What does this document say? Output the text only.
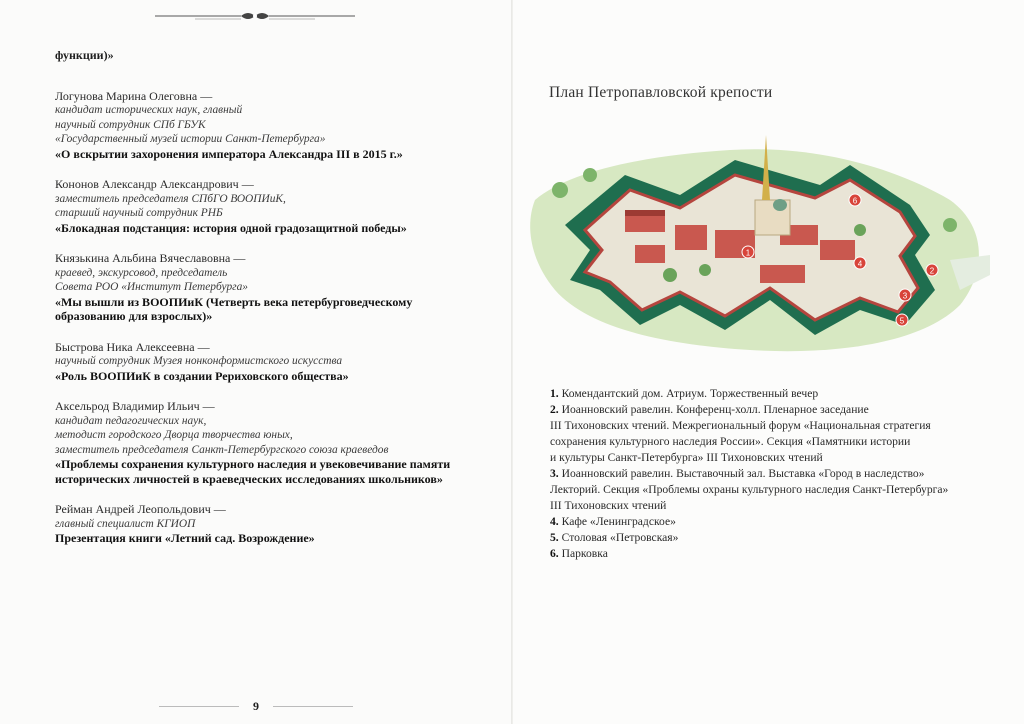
функции)»
Логунова Марина Олеговна —
кандидат исторических наук, главный
научный сотрудник СПб ГБУК
«Государственный музей истории Санкт-Петербурга»
«О вскрытии захоронения императора Александра III в 2015 г.»
Кононов Александр Александрович —
заместитель председателя СПбГО ВООПИиК,
старший научный сотрудник РНБ
«Блокадная подстанция: история одной градозащитной победы»
Князькина Альбина Вячеславовна —
краевед, экскурсовод, председатель
Совета РОО «Институт Петербурга»
«Мы вышли из ВООПИиК (Четверть века петербурговедческому
образованию для взрослых)»
Быстрова Ника Алексеевна —
научный сотрудник Музея нонконформистского искусства
«Роль ВООПИиК в создании Рериховского общества»
Аксельрод Владимир Ильич —
кандидат педагогических наук,
методист городского Дворца творчества юных,
заместитель председателя Санкт-Петербургского союза краеведов
«Проблемы сохранения культурного наследия и увековечивание памяти
исторических личностей в краеведческих исследованиях школьников»
Рейман Андрей Леопольдович —
главный специалист КГИОП
Презентация книги «Летний сад. Возрождение»
9
План Петропавловской крепости
1
2
3
4
5
6
1. Комендантский дом. Атриум. Торжественный вечер
2. Иоанновский равелин. Конференц-холл. Пленарное заседание
III Тихоновских чтений. Межрегиональный форум «Национальная стратегия
сохранения культурного наследия России». Секция «Памятники истории
и культуры Санкт-Петербурга» III Тихоновских чтений
3. Иоанновский равелин. Выставочный зал. Выставка «Город в наследство»
Лекторий. Секция «Проблемы охраны культурного наследия Санкт-Петербурга»
III Тихоновских чтений
4. Кафе «Ленинградское»
5. Столовая «Петровская»
6. Парковка
